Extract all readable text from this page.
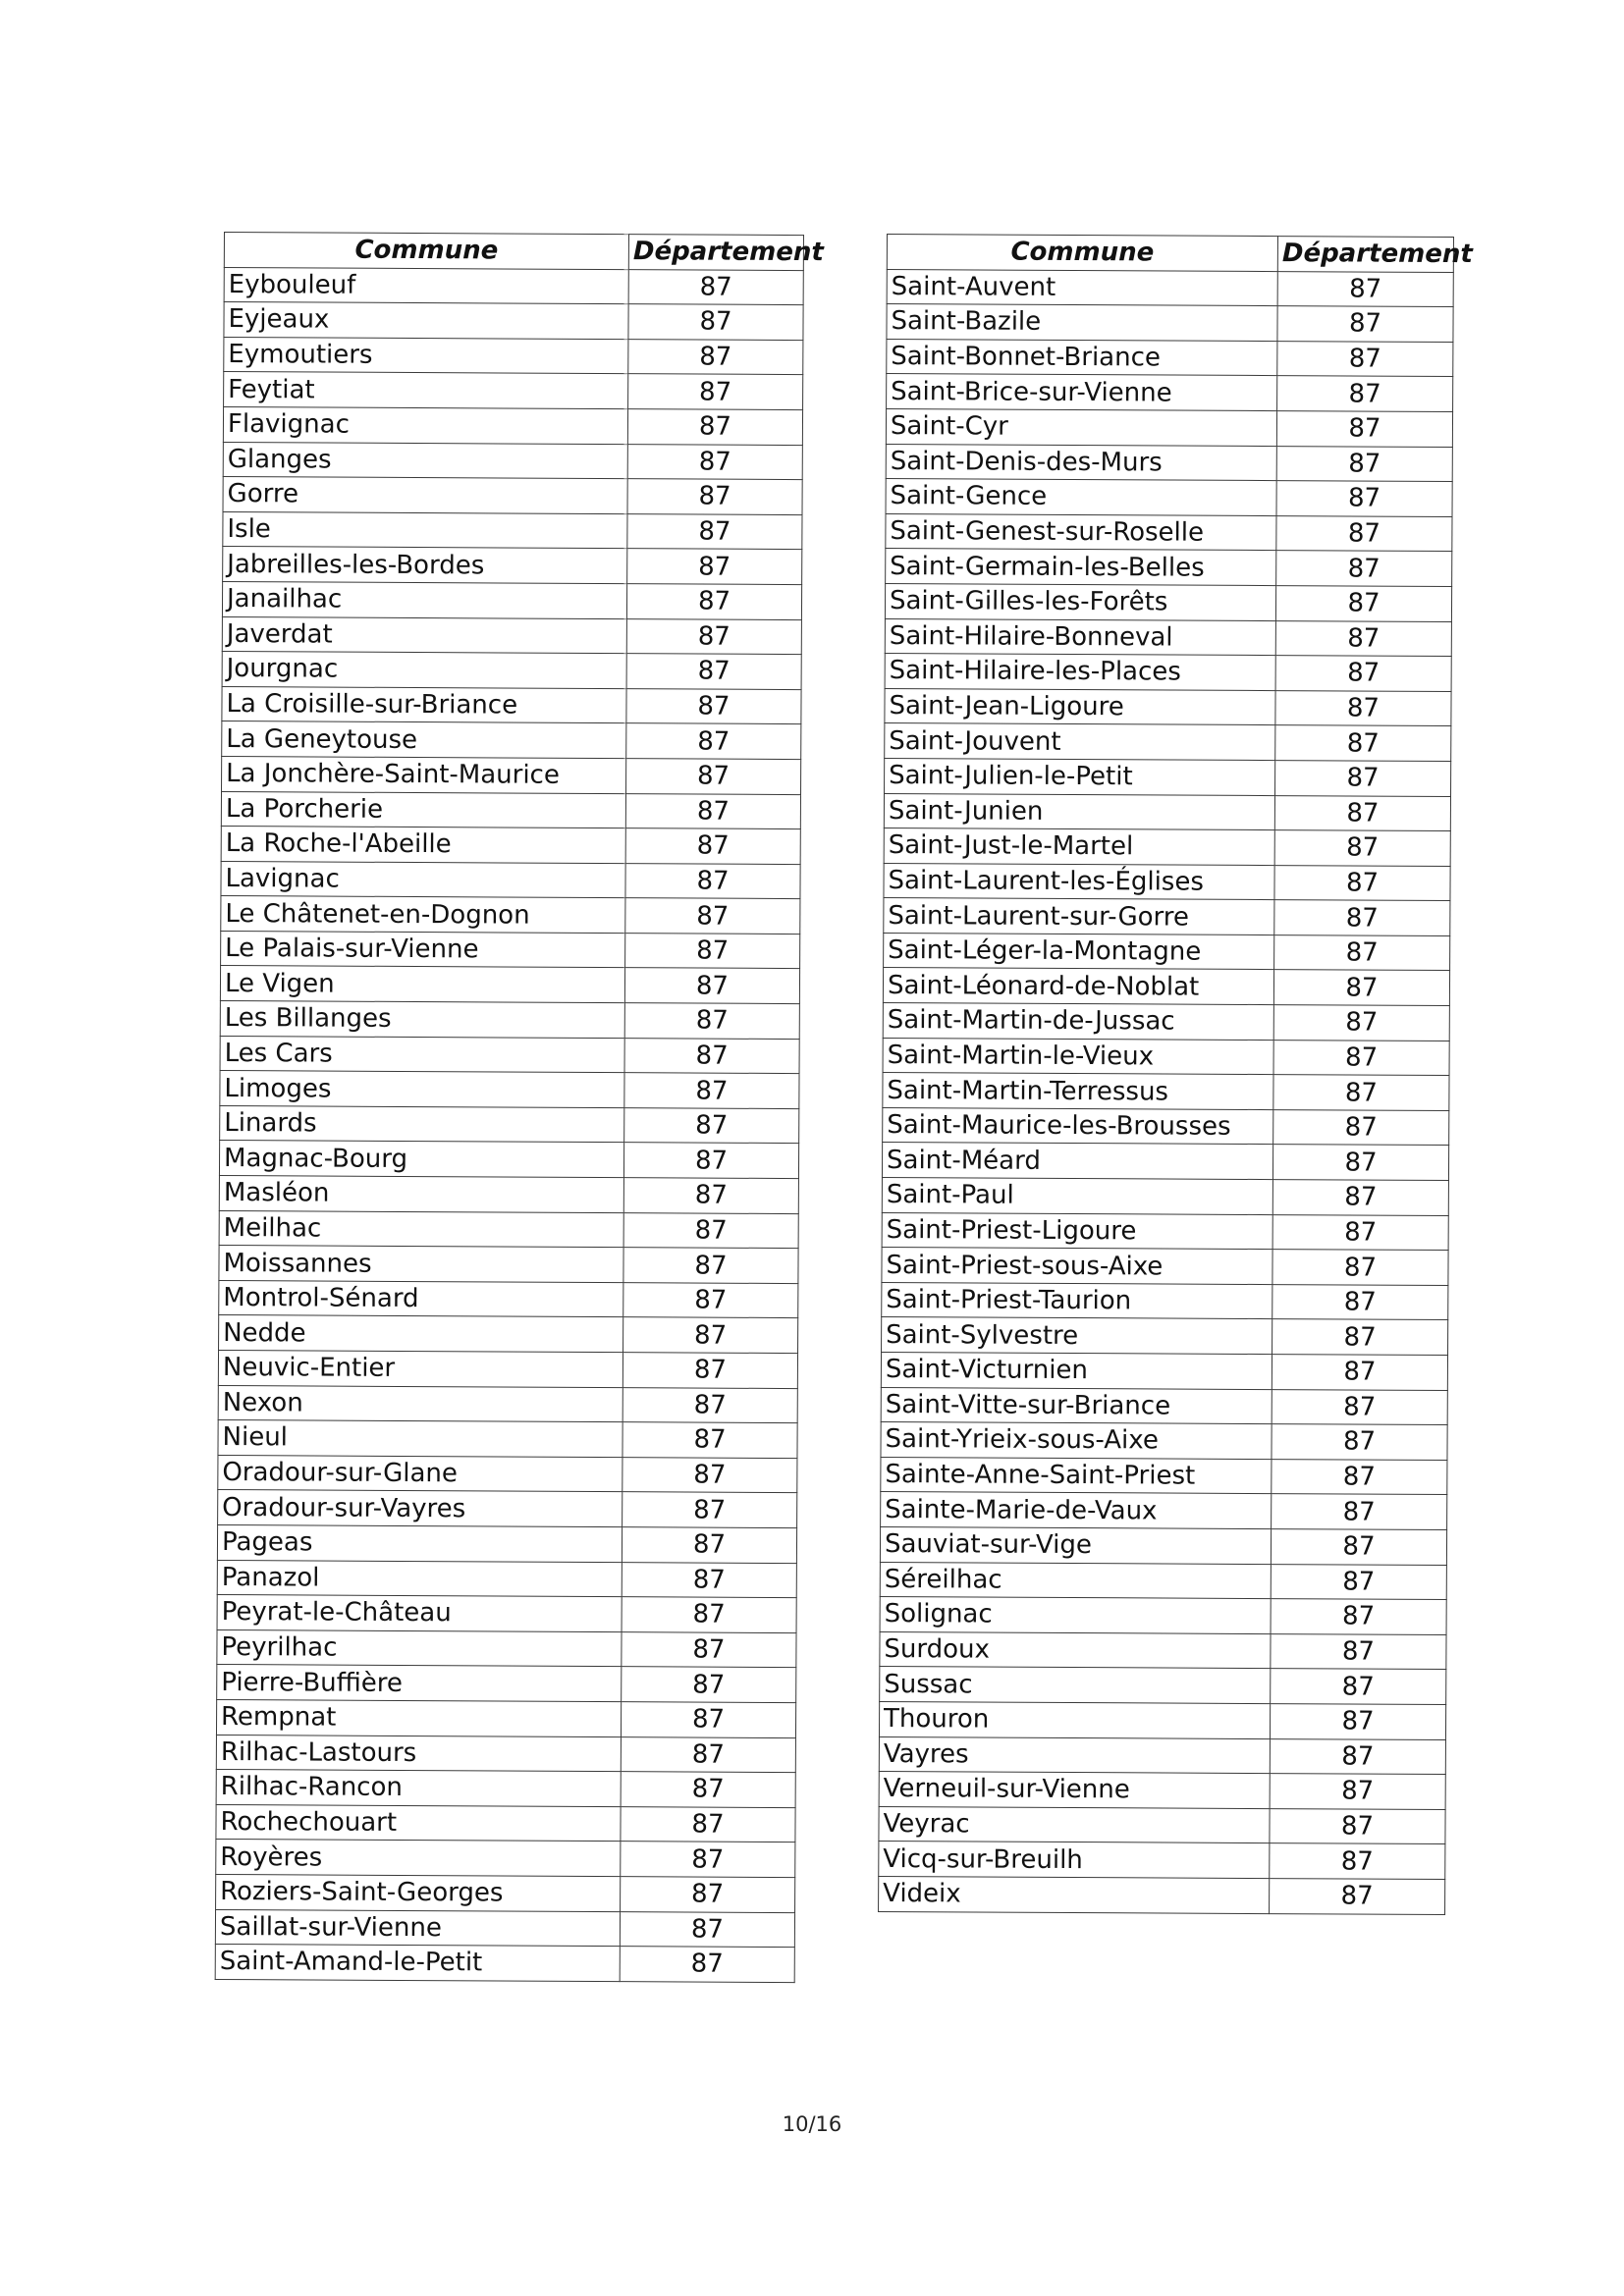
Commune	Département
Eybouleuf	87
Eyjeaux	87
Eymoutiers	87
Feytiat	87
Flavignac	87
Glanges	87
Gorre	87
Isle	87
Jabreilles-les-Bordes	87
Janailhac	87
Javerdat	87
Jourgnac	87
La Croisille-sur-Briance	87
La Geneytouse	87
La Jonchère-Saint-Maurice	87
La Porcherie	87
La Roche-l'Abeille	87
Lavignac	87
Le Châtenet-en-Dognon	87
Le Palais-sur-Vienne	87
Le Vigen	87
Les Billanges	87
Les Cars	87
Limoges	87
Linards	87
Magnac-Bourg	87
Masléon	87
Meilhac	87
Moissannes	87
Montrol-Sénard	87
Nedde	87
Neuvic-Entier	87
Nexon	87
Nieul	87
Oradour-sur-Glane	87
Oradour-sur-Vayres	87
Pageas	87
Panazol	87
Peyrat-le-Château	87
Peyrilhac	87
Pierre-Buffière	87
Rempnat	87
Rilhac-Lastours	87
Rilhac-Rancon	87
Rochechouart	87
Royères	87
Roziers-Saint-Georges	87
Saillat-sur-Vienne	87
Saint-Amand-le-Petit	87
Commune	Département
Saint-Auvent	87
Saint-Bazile	87
Saint-Bonnet-Briance	87
Saint-Brice-sur-Vienne	87
Saint-Cyr	87
Saint-Denis-des-Murs	87
Saint-Gence	87
Saint-Genest-sur-Roselle	87
Saint-Germain-les-Belles	87
Saint-Gilles-les-Forêts	87
Saint-Hilaire-Bonneval	87
Saint-Hilaire-les-Places	87
Saint-Jean-Ligoure	87
Saint-Jouvent	87
Saint-Julien-le-Petit	87
Saint-Junien	87
Saint-Just-le-Martel	87
Saint-Laurent-les-Églises	87
Saint-Laurent-sur-Gorre	87
Saint-Léger-la-Montagne	87
Saint-Léonard-de-Noblat	87
Saint-Martin-de-Jussac	87
Saint-Martin-le-Vieux	87
Saint-Martin-Terressus	87
Saint-Maurice-les-Brousses	87
Saint-Méard	87
Saint-Paul	87
Saint-Priest-Ligoure	87
Saint-Priest-sous-Aixe	87
Saint-Priest-Taurion	87
Saint-Sylvestre	87
Saint-Victurnien	87
Saint-Vitte-sur-Briance	87
Saint-Yrieix-sous-Aixe	87
Sainte-Anne-Saint-Priest	87
Sainte-Marie-de-Vaux	87
Sauviat-sur-Vige	87
Séreilhac	87
Solignac	87
Surdoux	87
Sussac	87
Thouron	87
Vayres	87
Verneuil-sur-Vienne	87
Veyrac	87
Vicq-sur-Breuilh	87
Videix	87
10/16
